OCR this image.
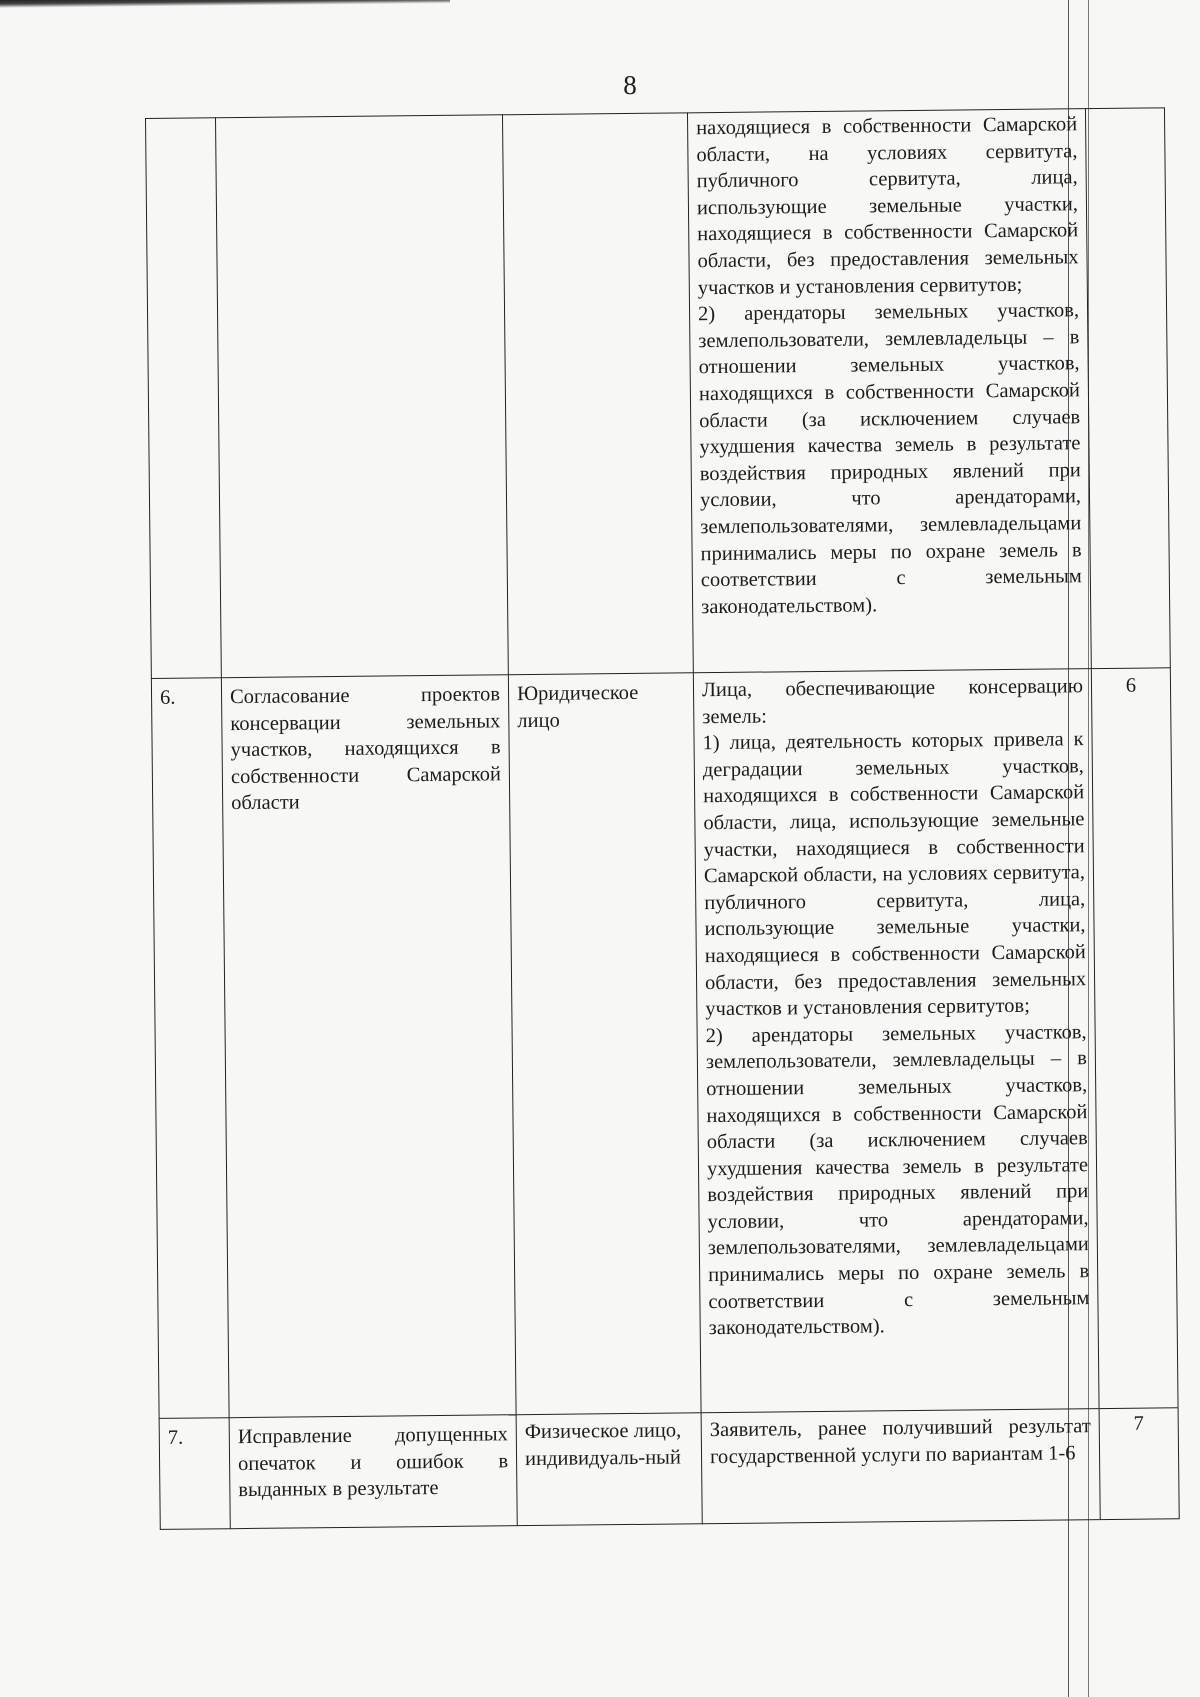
8
находящиеся в собственности Самарской области, на условиях сервитута, публичного сервитута, лица, использующие земельные участки, находящиеся в собственности Самарской области, без предоставления земельных участков и установления сервитутов;
2) арендаторы земельных участков, землепользователи, землевладельцы – в отношении земельных участков, находящихся в собственности Самарской области (за исключением случаев ухудшения качества земель в результате воздействия природных явлений при условии, что арендаторами, землепользователями, землевладельцами принимались меры по охране земель в соответствии с земельным законодательством).
6.	Согласование проектов консервации земельных участков, находящихся в собственности Самарской области
Юридическое лицо
Лица, обеспечивающие консервацию земель:
1) лица, деятельность которых привела к деградации земельных участков, находящихся в собственности Самарской области, лица, использующие земельные участки, находящиеся в собственности Самарской области, на условиях сервитута, публичного сервитута, лица, использующие земельные участки, находящиеся в собственности Самарской области, без предоставления земельных участков и установления сервитутов;
2) арендаторы земельных участков, землепользователи, землевладельцы – в отношении земельных участков, находящихся в собственности Самарской области (за исключением случаев ухудшения качества земель в результате воздействия природных явлений при условии, что арендаторами, землепользователями, землевладельцами принимались меры по охране земель в соответствии с земельным законодательством).
6
7.	Исправление допущенных опечаток и ошибок в выданных в результате
Физическое лицо, индивидуаль-ный
Заявитель, ранее получивший результат государственной услуги по вариантам 1-6
7
